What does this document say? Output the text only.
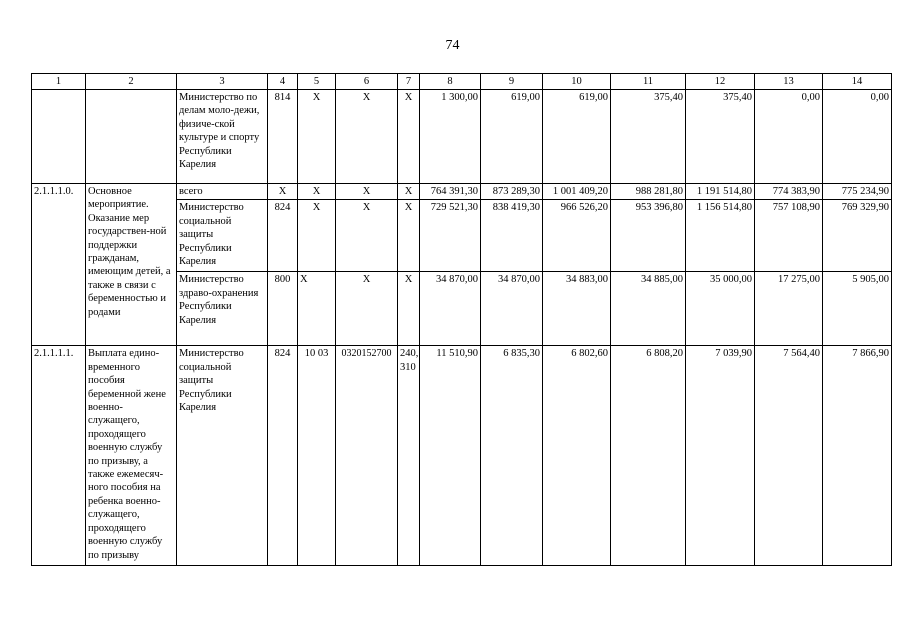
74
1	2	3	4	5	6	7	8	9	10	11	12	13	14
		Министерство по делам моло-дежи, физиче-ской культуре и спорту Республики Карелия	814	Х	Х	Х	1 300,00	619,00	619,00	375,40	375,40	0,00	0,00
2.1.1.1.0.	Основное мероприятие. Оказание мер государствен-ной поддержки гражданам, имеющим детей, а также в связи с беременностью и родами	всего	Х	Х	Х	Х	764 391,30	873 289,30	1 001 409,20	988 281,80	1 191 514,80	774 383,90	775 234,90
		Министерство социальной защиты Республики Карелия	824	Х	Х	Х	729 521,30	838 419,30	966 526,20	953 396,80	1 156 514,80	757 108,90	769 329,90
		Министерство здраво-охранения Республики Карелия	800	Х	Х	Х	34 870,00	34 870,00	34 883,00	34 885,00	35 000,00	17 275,00	5 905,00
2.1.1.1.1.	Выплата едино-временного пособия беременной жене военно-служащего, проходящего военную службу по призыву, а также ежемесяч-ного пособия на ребенка военно-служащего, проходящего военную службу по призыву	Министерство социальной защиты Республики Карелия	824	10 03	0320152700	240, 310	11 510,90	6 835,30	6 802,60	6 808,20	7 039,90	7 564,40	7 866,90
